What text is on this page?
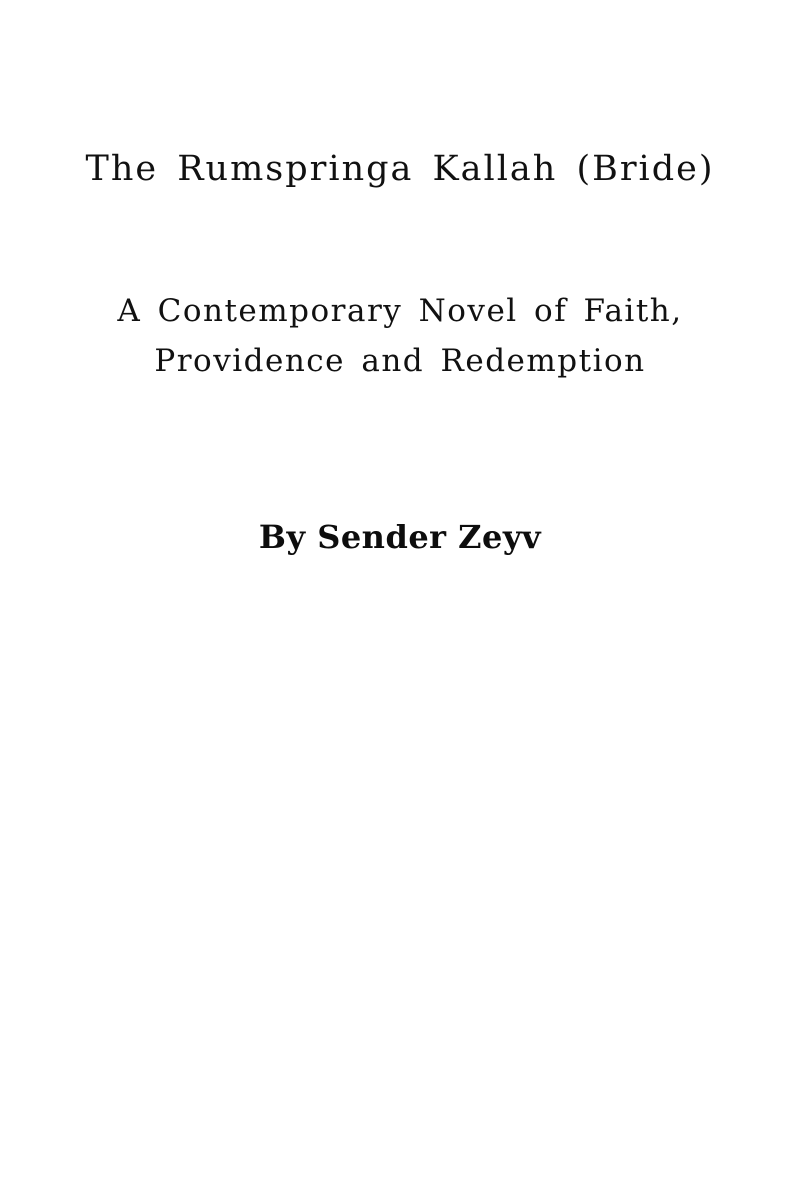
The Rumspringa Kallah (Bride)
A Contemporary Novel of Faith, Providence and Redemption

By Sender Zeyv
